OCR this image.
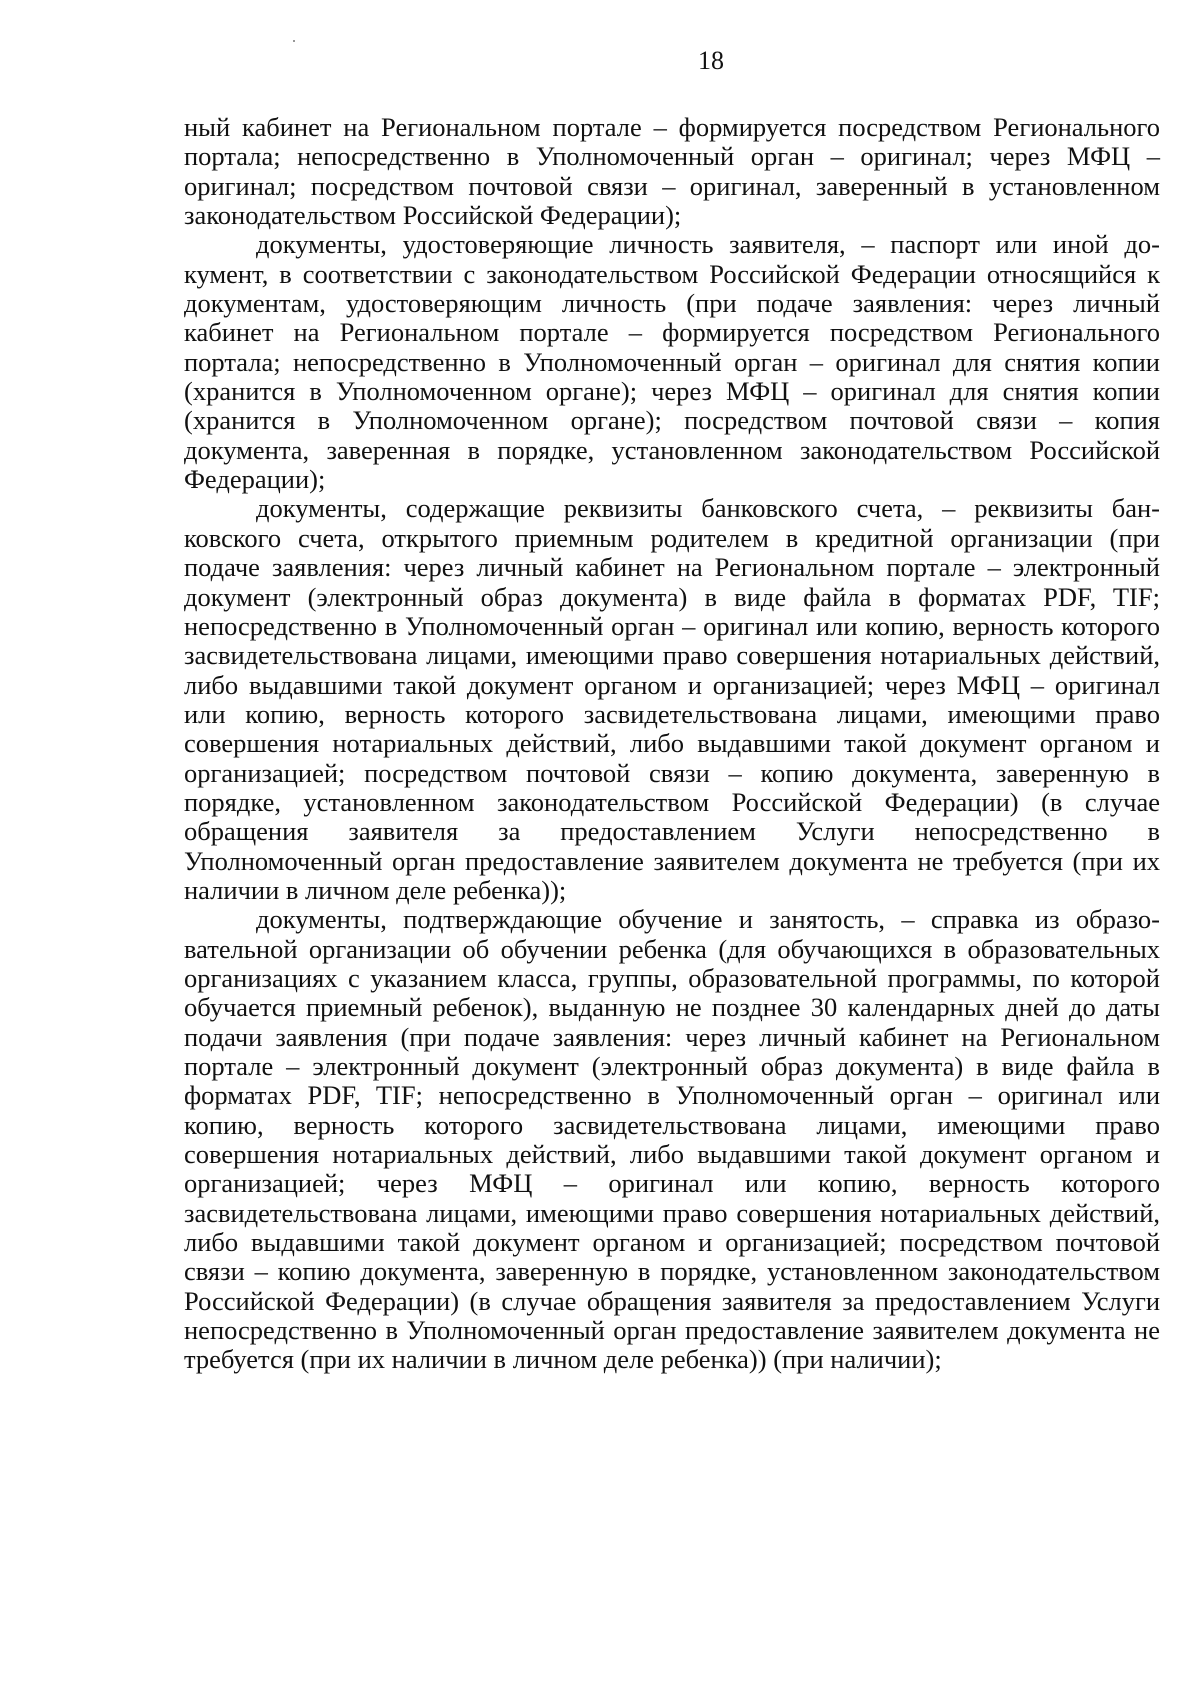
18

ный кабинет на Региональном портале – формируется посредством Регионального портала; непосредственно в Уполномоченный орган – оригинал; через МФЦ – оригинал; посредством почтовой связи – оригинал, заверенный в установленном законодательством Российской Федерации);

документы, удостоверяющие личность заявителя, – паспорт или иной документ, в соответствии с законодательством Российской Федерации относящийся к документам, удостоверяющим личность (при подаче заявления: через личный кабинет на Региональном портале – формируется посредством Регионального портала; непосредственно в Уполномоченный орган – оригинал для снятия копии (хранится в Уполномоченном органе); через МФЦ – оригинал для снятия копии (хранится в Уполномоченном органе); посредством почтовой связи – копия документа, заверенная в порядке, установленном законодательством Российской Федерации);

документы, содержащие реквизиты банковского счета, – реквизиты банковского счета, открытого приемным родителем в кредитной организации (при подаче заявления: через личный кабинет на Региональном портале – электронный документ (электронный образ документа) в виде файла в форматах PDF, TIF; непосредственно в Уполномоченный орган – оригинал или копию, верность которого засвидетельствована лицами, имеющими право совершения нотариальных действий, либо выдавшими такой документ органом и организацией; через МФЦ – оригинал или копию, верность которого засвидетельствована лицами, имеющими право совершения нотариальных действий, либо выдавшими такой документ органом и организацией; посредством почтовой связи – копию документа, заверенную в порядке, установленном законодательством Российской Федерации) (в случае обращения заявителя за предоставлением Услуги непосредственно в Уполномоченный орган предоставление заявителем документа не требуется (при их наличии в личном деле ребенка));

документы, подтверждающие обучение и занятость, – справка из образовательной организации об обучении ребенка (для обучающихся в образовательных организациях с указанием класса, группы, образовательной программы, по которой обучается приемный ребенок), выданную не позднее 30 календарных дней до даты подачи заявления (при подаче заявления: через личный кабинет на Региональном портале – электронный документ (электронный образ документа) в виде файла в форматах PDF, TIF; непосредственно в Уполномоченный орган – оригинал или копию, верность которого засвидетельствована лицами, имеющими право совершения нотариальных действий, либо выдавшими такой документ органом и организацией; через МФЦ – оригинал или копию, верность которого засвидетельствована лицами, имеющими право совершения нотариальных действий, либо выдавшими такой документ органом и организацией; посредством почтовой связи – копию документа, заверенную в порядке, установленном законодательством Российской Федерации) (в случае обращения заявителя за предоставлением Услуги непосредственно в Уполномоченный орган предоставление заявителем документа не требуется (при их наличии в личном деле ребенка)) (при наличии);
